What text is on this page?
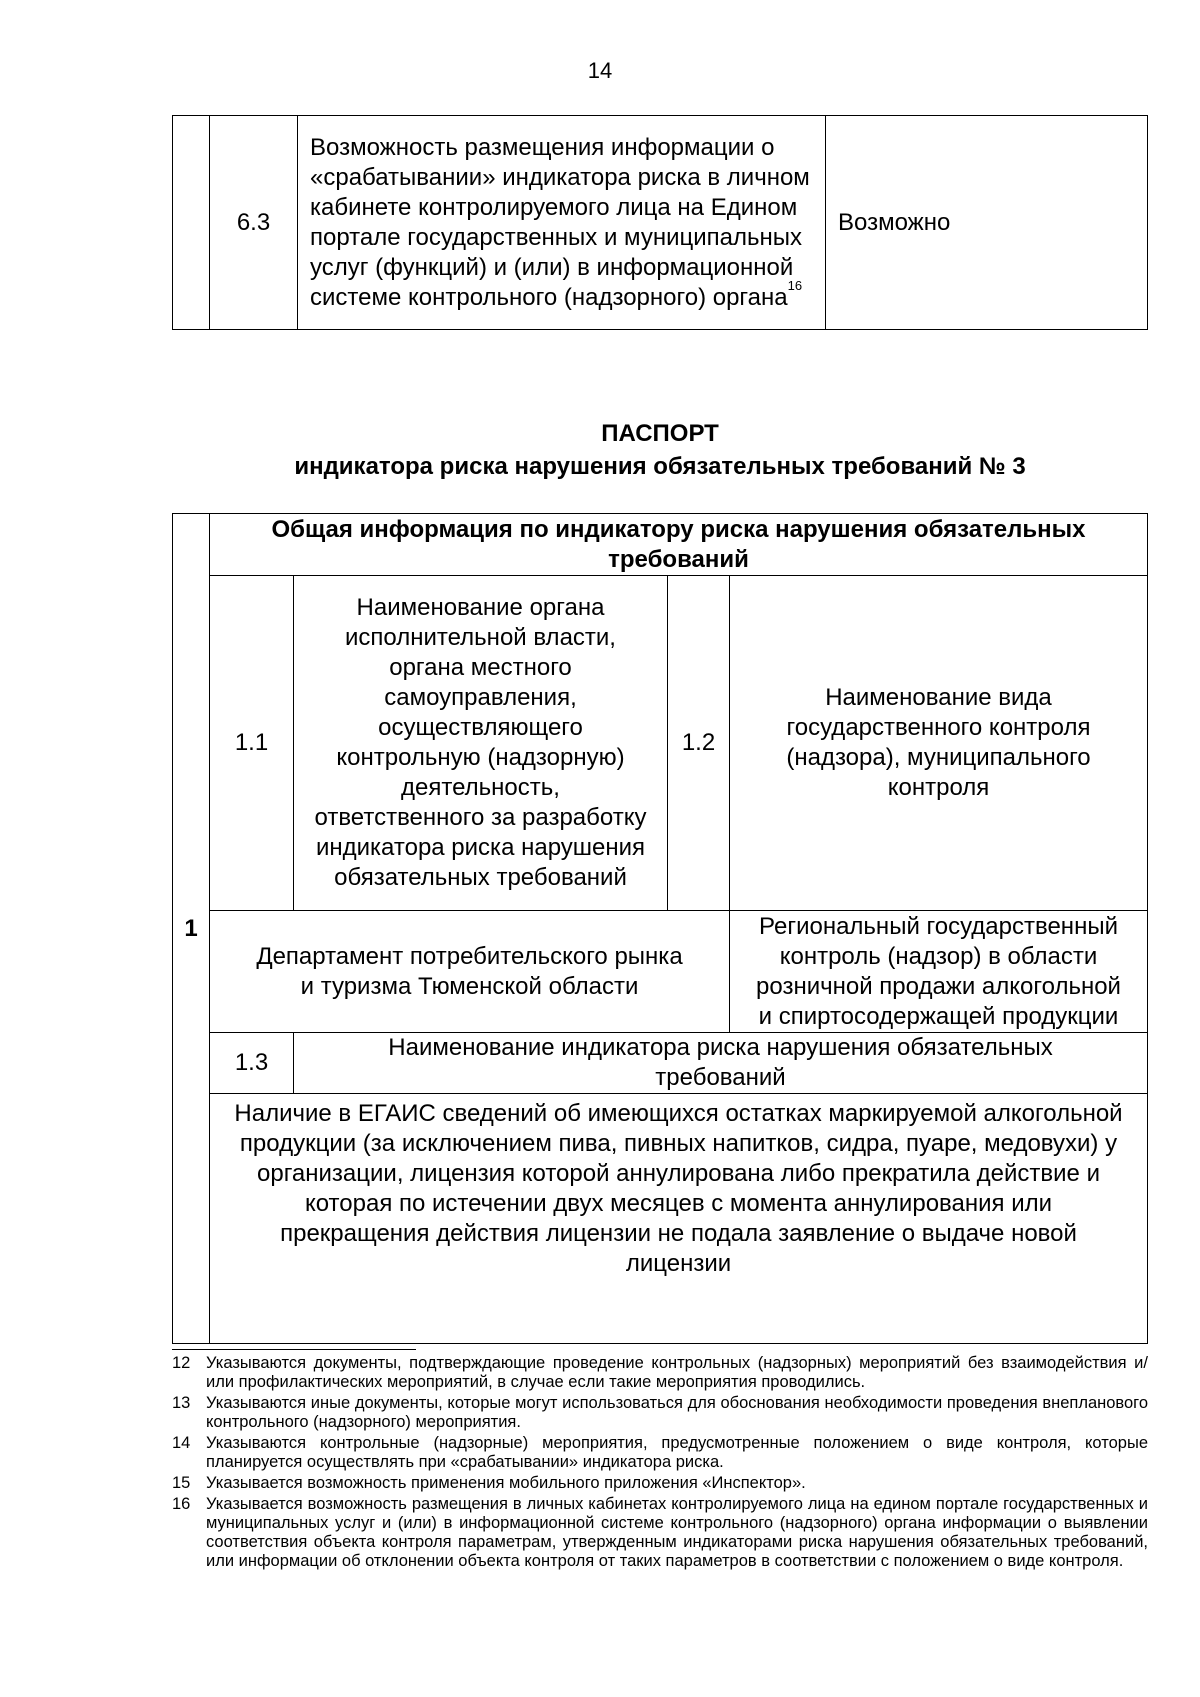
14
	6.3	Возможность размещения информации о «срабатывании» индикатора риска в личном кабинете контролируемого лица на Едином портале государственных и муниципальных услуг (функций) и (или) в информационной системе контрольного (надзорного) органа$^{16}$	Возможно
ПАСПОРТ
индикатора риска нарушения обязательных требований № 3
1	Общая информация по индикатору риска нарушения обязательных требований			
	1.1	Наименование органа исполнительной власти, органа местного самоуправления, осуществляющего контрольную (надзорную) деятельность, ответственного за разработку индикатора риска нарушения обязательных требований	1.2	Наименование вида государственного контроля (надзора), муниципального контроля
	Департамент потребительского рынка и туризма Тюменской области			Региональный государственный контроль (надзор) в области розничной продажи алкогольной и спиртосодержащей продукции
	1.3	Наименование индикатора риска нарушения обязательных требований		
	Наличие в ЕГАИС сведений об имеющихся остатках маркируемой алкогольной продукции (за исключением пива, пивных напитков, сидра, пуаре, медовухи) у организации, лицензия которой аннулирована либо прекратила действие и которая по истечении двух месяцев с момента аннулирования или прекращения действия лицензии не подала заявление о выдаче новой лицензии			
12 Указываются документы, подтверждающие проведение контрольных (надзорных) мероприятий без взаимодействия и/или профилактических мероприятий, в случае если такие мероприятия проводились.
13 Указываются иные документы, которые могут использоваться для обоснования необходимости проведения внепланового контрольного (надзорного) мероприятия.
14 Указываются контрольные (надзорные) мероприятия, предусмотренные положением о виде контроля, которые планируется осуществлять при «срабатывании» индикатора риска.
15 Указывается возможность применения мобильного приложения «Инспектор».
16 Указывается возможность размещения в личных кабинетах контролируемого лица на едином портале государственных и муниципальных услуг и (или) в информационной системе контрольного (надзорного) органа информации о выявлении соответствия объекта контроля параметрам, утвержденным индикаторами риска нарушения обязательных требований, или информации об отклонении объекта контроля от таких параметров в соответствии с положением о виде контроля.
